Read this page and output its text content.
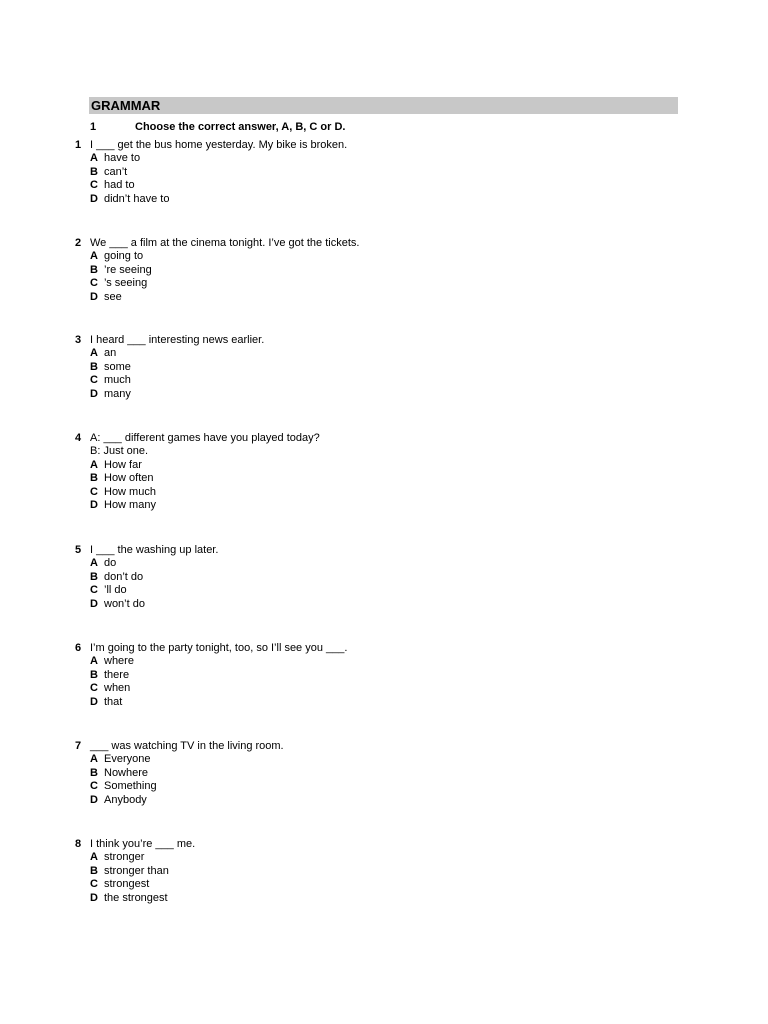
GRAMMAR
1	Choose the correct answer, A, B, C or D.
1 I ___ get the bus home yesterday. My bike is broken.
A have to
B can’t
C had to
D didn’t have to
2 We ___ a film at the cinema tonight. I’ve got the tickets.
A going to
B ’re seeing
C ’s seeing
D see
3 I heard ___ interesting news earlier.
A an
B some
C much
D many
4 A: ___ different games have you played today?
B: Just one.
A How far
B How often
C How much
D How many
5 I ___ the washing up later.
A do
B don’t do
C ’ll do
D won’t do
6 I’m going to the party tonight, too, so I’ll see you ___.
A where
B there
C when
D that
7 ___ was watching TV in the living room.
A Everyone
B Nowhere
C Something
D Anybody
8 I think you’re ___ me.
A stronger
B stronger than
C strongest
D the strongest
